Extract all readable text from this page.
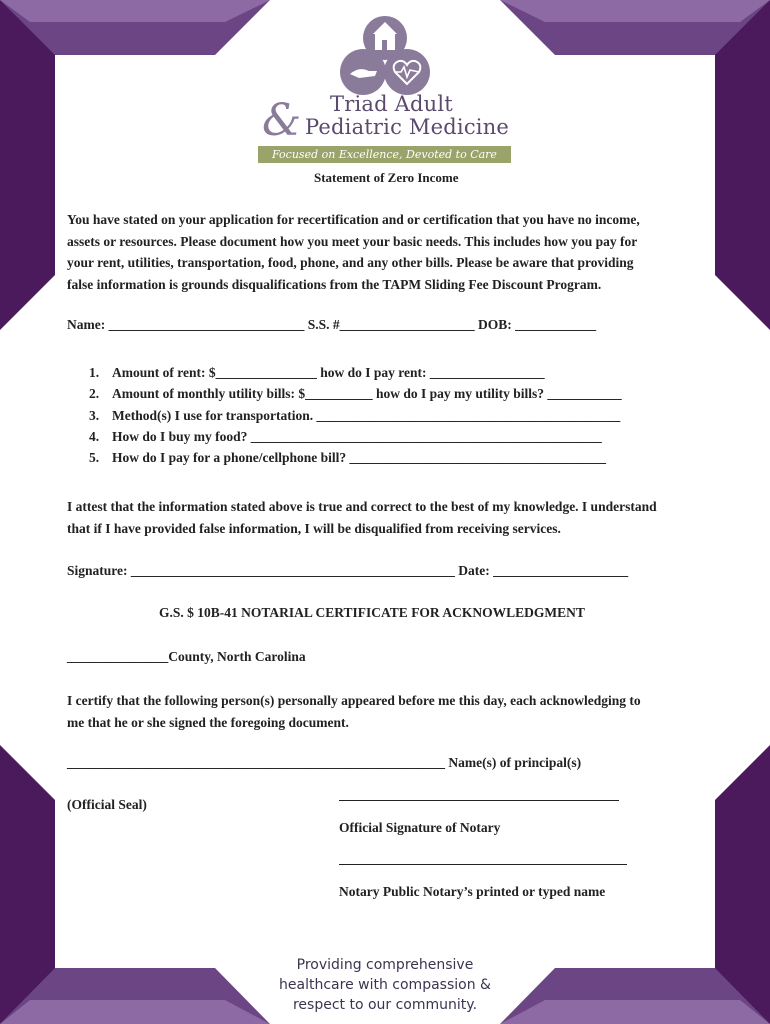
& Triad Adult
Pediatric Medicine
Focused on Excellence, Devoted to Care
Statement of Zero Income
You have stated on your application for recertification and or certification that you have no income,
assets or resources. Please document how you meet your basic needs. This includes how you pay for
your rent, utilities, transportation, food, phone, and any other bills. Please be aware that providing
false information is grounds disqualifications from the TAPM Sliding Fee Discount Program.
Name: _____________________________ S.S. #____________________ DOB: ____________
1. Amount of rent: $_______________ how do I pay rent: _________________
2. Amount of monthly utility bills: $__________ how do I pay my utility bills? ___________
3. Method(s) I use for transportation. _____________________________________________
4. How do I buy my food? ____________________________________________________
5. How do I pay for a phone/cellphone bill? ______________________________________
I attest that the information stated above is true and correct to the best of my knowledge. I understand
that if I have provided false information, I will be disqualified from receiving services.
Signature: ________________________________________________ Date: ____________________
G.S. $ 10B-41 NOTARIAL CERTIFICATE FOR ACKNOWLEDGMENT
_______________County, North Carolina
I certify that the following person(s) personally appeared before me this day, each acknowledging to
me that he or she signed the foregoing document.
________________________________________________________ Name(s) of principal(s)
(Official Seal)
Official Signature of Notary
Notary Public Notary’s printed or typed name
Providing comprehensive
healthcare with compassion &
respect to our community.
